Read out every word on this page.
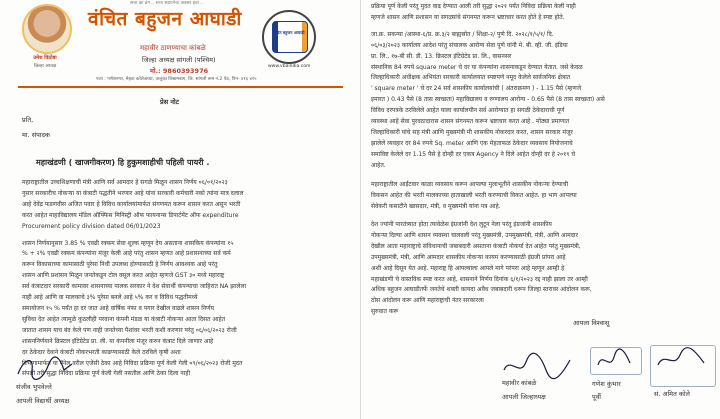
सत्ता का ढंग .. सत्ता स्थापनेचा अवसर हवा ..
उमेश विठोबा
जिल्हा अध्यक्ष
वंचित बहुजन आघाडी
महावीर ठाणण्याचा कांबळे
जिल्हा अध्यक्ष सांगली (पश्चिम)
मो.: 9860393976
पत्ता : गणेशनगर, मेहता कॉलेजच्या, तालुका विश्रामबाग, जि. सांगली रूम नं.2 पेठ, पिन- ४१६ ४१५
वंचित बहुजन आघाडी
www.vbaindia.com
प्रेस नोट
प्रति,
मा. संपादक
महाखंडणी ( खाजगीकरण) हि हुकुमशाहीची पहिली पायरी .
महाराष्ट्रातील उच्चशिक्षणाची मंत्री आणि सर्व आमदार हे सगळे मिळून शासन निर्णय ०६/०१/२०२३
नुसार सरकारीच नोकऱ्या या कंत्राटी पद्धतीने भरणार आहे यांना सरकारी कर्मचारी नको त्यांना मात्र दलाल
आहे देवेंद्र फडणवीस अजित पवार हे विविध कार्यालयांमार्फत संगणमत करून शासन करत असून भरती
करत आहेत माहाविद्यालय मॉडेल ऑफ्फिस मिनिस्ट्री ऑफ फायनान्स डिपार्टमेंट ऑफ expenditure
Procurement policy division dated 06/01/2023
शासन निर्णयानुसार 3.85 % एवढी रक्कम सेवा शुल्क म्हणून देय असताना शासकिय कंपन्यांना १५
% + २% एवढी रक्कम कंपन्यांना मंजूर केली आहे परंतु शासन म्हणत आहे प्रशासनाच्या सर्व कर्म
करून विकासाच्या कामासाठी पुरेसा निधी उपलब्ध होण्यासाठी हे निर्णय आवश्यक आहे परंतु
शासन आणि प्रशासन मिळून जनतेकडून टोल वसूल करत आहेत म्हणजे GST ३० मध्ये महाराष्ट्र
सर्व कंत्राटदार सरकारी कामावर शासनाच्या पालक सरकार ने देश सेवार्थी कंपन्याचा जाहिरात NA झालेला
नाही आहे आणि वा मालकाचे ३% पुरेसा बनले आहे ५% कर व विविध पद्धतीमध्ये
समायोजन १५ % पर्यंत हा दर जात आहे वार्षिक नफा व पगार देखील वाढले शासन निर्णय
सुविधा देत आहेत त्यामुळे कुठलीही परवाना कंपनी मंडळ या कंत्राटी नोकऱ्या आता दिसत आहेत
जातात शासन याच बंद केले पण नाही जनतेच्या पैशांवर भरती कशी करणार परंतु ०६/०६/२०२३ रोजी
शासननिर्णयाने क्रिस्टल इंटिग्रेटेड प्रा. ली. या कंपनीला मंजूर करुन कंत्राट दिले जाणार आहे
दर ठेकेदार देवाने कंत्राटी नोकरभरती काढण्यासाठी केले ठरविले कृषी अशा
विभागामार्फत या पॅनेल वरील एजेंसी ठेका आहे निविदा प्रक्रिया पूर्ण केली गेली ०९/०६/२०२३ रोजी मुदत
संपली तरी सुद्धा निविदा प्रक्रिया पूर्ण केली गेली नसतील आणि ठेका दिला नाही
प्रक्रिया पूर्ण केली परंतु मुदत वाढ देण्यात आली तरी सुद्धा २०२१ पर्यंत निविदा प्रक्रिया केली नाही
म्हणजे शासन आणि प्रशासन या सगळ्यांचे संगनमत करून भ्रष्टाचार करत होते हे स्पष्ट होते.
जा.क्र. सकन्या /आस्था-६/प्र. क्र.३/२ बाह्यस्रोत / शिक्षा-२/ पुणे दि. २०२८/१/५/१/ दि.
०६/०३/२०२३ कार्यालय आदेश परंतु संचालक आरोग्य सेवा पुणे यांनी मे. बी. व्ही. जी. इंडिया
प्रा. लि., १७-बी सी. डी. 13. क्रिस्टल इंटिग्रेटेड प्रा. लि., वासनसर
संस्थानिक 84 रुपये square meter चे दर या कंपन्यांना शासनाकडून देण्यात येतात. जसे केवळ
जिल्हाधिकारी अधीक्षक अभियंता सरकारी कार्यालयात स्पष्टपणे नमूद केलेले सार्वजनिक क्षेत्रात
' square meter ' चे दर 24 सर्व शासकीय कार्यालयांची ( अंतराक्रमण ) - 1.15 पैसे (म्हणजे
इमारत ) 0.43 पैसे (8 तास स्वच्छता) महाविद्यालय व रुग्णालय आरोग्य - 0.65 पैसे (8 तास स्वच्छता) असे
विविध दरपत्रके ठरविलेले आहेत याला कार्यालयीन सर्व आरोग्यात हा सगळी ठेकेदाराची पूर्ण
व्यवस्था आहे सेवा पुरवठादारास शासन संगनमत करून भ्रष्टाचार करत आहे . मोठ्या प्रमाणात
जिल्हाधिकारी यांचे सह मंत्री आणि मुख्यमंत्री मी शासकीय नोकरदार करत, शासन सरकार मंजूर
झालेले व्यवहार दर 84 रुपये Sq. meter आणि एक मेहताफळ ठेकेदार व्यवसाय नियोजनाचे
समाविष्ट केलेले दर 1.15 पैसे हे दोन्ही दर एकत्र Agency ने दिले आहेत दोन्ही दर हे २०१९ चे
आहेत.
महाराष्ट्रातील आईंटवार काळा व्यवसाय करून आपल्या मुलाभूतीने शासकीय नोकऱ्या देण्याची
विकसन आहेत की भरती मालकाच्या हाताखाली भरती करण्याची विकत आहेत. हा भाग आपल्या
सेवेकरी कसाटीने खासदार, मंत्री, व मुख्यमंत्री यांना पत्र आहे.
देश ज्यांनी पारतंत्र्यात होता त्यावेळेस इंग्रजांनी देश लुटून नेला परंतु इंग्रजांनी शासकीय
नोकऱ्या दिल्या आणि शासन व्यवस्था चालवली परंतु मुख्यमंत्री, उपमुख्यमंत्री, मंत्री, आणि आमदार
देखील आता महाराष्ट्राचे संविधानाची जबाबदारी असताना कंत्राटी नोकर्या देत आहेत परंतु मुख्यमंत्री,
उपमुख्यमंत्री, मंत्री, आणि आमदार शासकीय नोकऱ्या कायम करण्यासाठी इंग्रजी प्रांपरा आहे
अशी आहे दिसून येत आहे. महाराष्ट्र हि आपल्याला आपले मागे परंपरा आहे म्हणून आम्ही हे
महाखंडणी चे वास्तविक स्पष्ट करत आहे, शासनाने निर्णय दिनांक ६/१/२०२३ रद्द नाही झाला तर आम्ही
अधिक बहुजन आघाडीतर्फे जनतेचे शक्ती कायदा अवैध जबाबदारी धरून जिल्हा स्तरावर आंदोलन करू,
ठोस आंदोलन करू आणि महाराष्ट्राची नंतर सरकारला
सुरुवात करू
आपला विश्वासू
संजीव भुपवेल्ले
आपली विद्यार्थी अध्यक्ष
महावीर कांबळे
आपली जिल्हाध्यक्ष
गणेश कुंभार
पूर्वी	सं. अमित कोले
